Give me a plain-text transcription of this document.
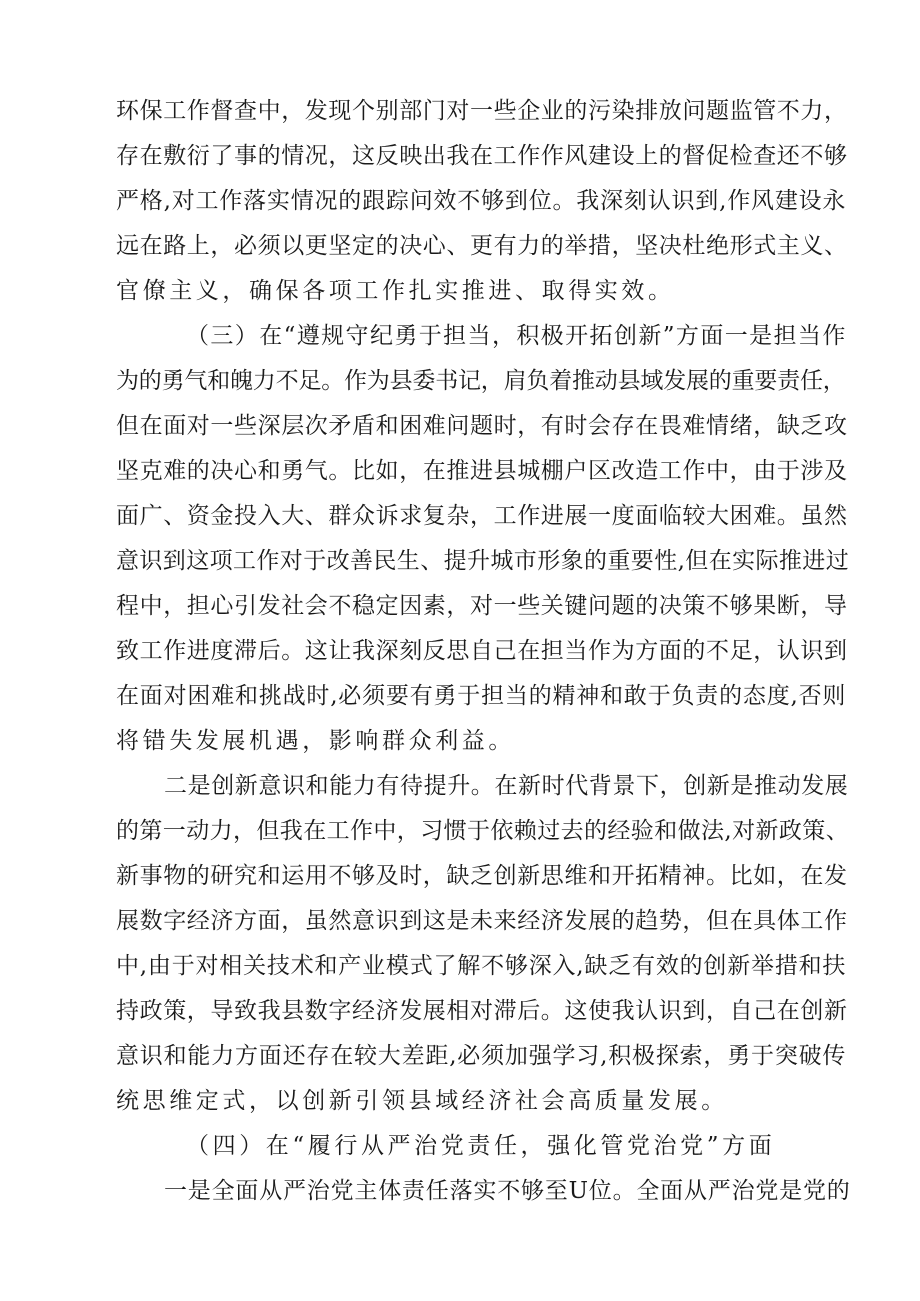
环保工作督查中，发现个别部门对一些企业的污染排放问题监管不力，
存在敷衍了事的情况，这反映出我在工作作风建设上的督促检查还不够
严格,对工作落实情况的跟踪问效不够到位。我深刻认识到,作风建设永
远在路上，必须以更坚定的决心、更有力的举措，坚决杜绝形式主义、
官僚主义，确保各项工作扎实推进、取得实效。
（三）在“遵规守纪勇于担当，积极开拓创新”方面一是担当作
为的勇气和魄力不足。作为县委书记，肩负着推动县域发展的重要责任，
但在面对一些深层次矛盾和困难问题时，有时会存在畏难情绪，缺乏攻
坚克难的决心和勇气。比如，在推进县城棚户区改造工作中，由于涉及
面广、资金投入大、群众诉求复杂，工作进展一度面临较大困难。虽然
意识到这项工作对于改善民生、提升城市形象的重要性,但在实际推进过
程中，担心引发社会不稳定因素，对一些关键问题的决策不够果断，导
致工作进度滞后。这让我深刻反思自己在担当作为方面的不足，认识到
在面对困难和挑战时,必须要有勇于担当的精神和敢于负责的态度,否则
将错失发展机遇，影响群众利益。
二是创新意识和能力有待提升。在新时代背景下，创新是推动发展
的第一动力，但我在工作中，习惯于依赖过去的经验和做法,对新政策、
新事物的研究和运用不够及时，缺乏创新思维和开拓精神。比如，在发
展数字经济方面，虽然意识到这是未来经济发展的趋势，但在具体工作
中,由于对相关技术和产业模式了解不够深入,缺乏有效的创新举措和扶
持政策，导致我县数字经济发展相对滞后。这使我认识到，自己在创新
意识和能力方面还存在较大差距,必须加强学习,积极探索，勇于突破传
统思维定式，以创新引领县域经济社会高质量发展。
（四）在“履行从严治党责任，强化管党治党”方面
一是全面从严治党主体责任落实不够至U位。全面从严治党是党的
